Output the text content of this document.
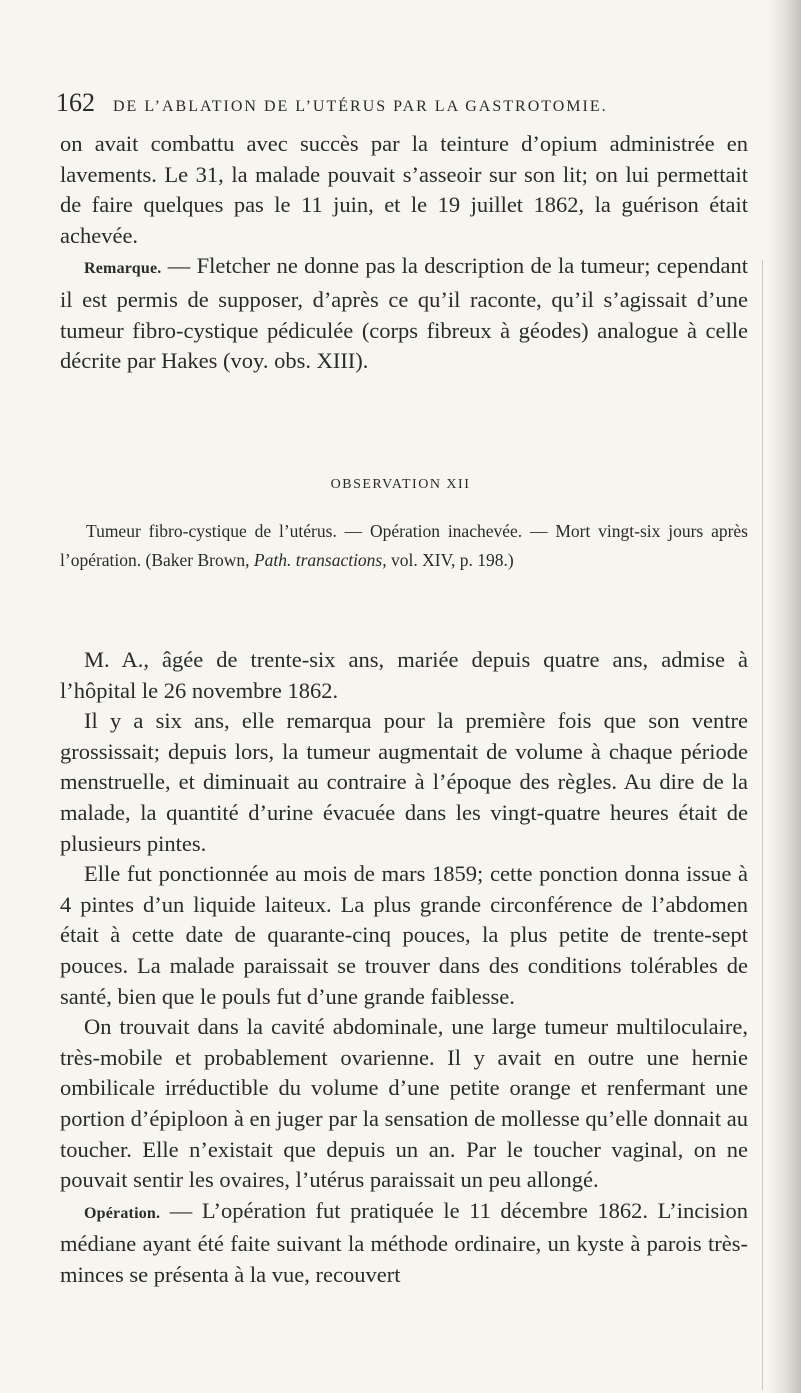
162 DE L’ABLATION DE L’UTÉRUS PAR LA GASTROTOMIE.

on avait combattu avec succès par la teinture d’opium administrée en lavements. Le 31, la malade pouvait s’asseoir sur son lit; on lui permettait de faire quelques pas le 11 juin, et le 19 juillet 1862, la guérison était achevée.

Remarque. — Fletcher ne donne pas la description de la tumeur; cependant il est permis de supposer, d’après ce qu’il raconte, qu’il s’agissait d’une tumeur fibro-cystique pédiculée (corps fibreux à géodes) analogue à celle décrite par Hakes (voy. obs. XIII).

OBSERVATION XII

Tumeur fibro-cystique de l’utérus. — Opération inachevée. — Mort vingt-six jours après l’opération. (Baker Brown, Path. transactions, vol. XIV, p. 198.)

M. A., âgée de trente-six ans, mariée depuis quatre ans, admise à l’hôpital le 26 novembre 1862.

Il y a six ans, elle remarqua pour la première fois que son ventre grossissait; depuis lors, la tumeur augmentait de volume à chaque période menstruelle, et diminuait au contraire à l’époque des règles. Au dire de la malade, la quantité d’urine évacuée dans les vingt-quatre heures était de plusieurs pintes.

Elle fut ponctionnée au mois de mars 1859; cette ponction donna issue à 4 pintes d’un liquide laiteux. La plus grande circonférence de l’abdomen était à cette date de quarante-cinq pouces, la plus petite de trente-sept pouces. La malade paraissait se trouver dans des conditions tolérables de santé, bien que le pouls fut d’une grande faiblesse.

On trouvait dans la cavité abdominale, une large tumeur multiloculaire, très-mobile et probablement ovarienne. Il y avait en outre une hernie ombilicale irréductible du volume d’une petite orange et renfermant une portion d’épiploon à en juger par la sensation de mollesse qu’elle donnait au toucher. Elle n’existait que depuis un an. Par le toucher vaginal, on ne pouvait sentir les ovaires, l’utérus paraissait un peu allongé.

Opération. — L’opération fut pratiquée le 11 décembre 1862. L’incision médiane ayant été faite suivant la méthode ordinaire, un kyste à parois très-minces se présenta à la vue, recouvert
